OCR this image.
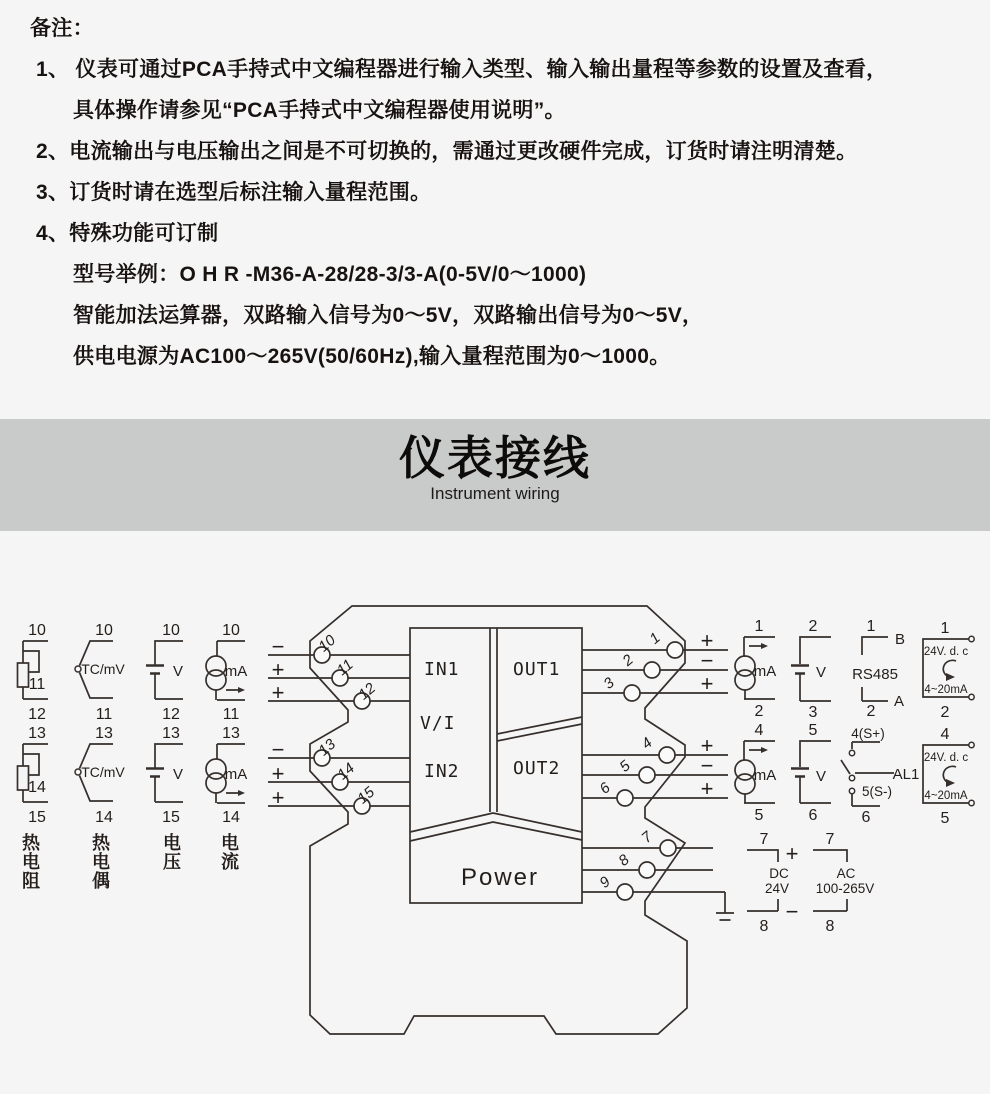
备注：
1、 仪表可通过PCA手持式中文编程器进行输入类型、输入输出量程等参数的设置及查看，
具体操作请参见“PCA手持式中文编程器使用说明”。
2、电流输出与电压输出之间是不可切换的，需通过更改硬件完成，订货时请注明清楚。
3、订货时请在选型后标注输入量程范围。
4、特殊功能可订制
型号举例：O H R -M36-A-28/28-3/3-A(0-5V/0～1000)
智能加法运算器，双路输入信号为0～5V，双路输出信号为0～5V，
供电电源为AC100～265V(50/60Hz),输入量程范围为0～1000。
仪表接线
Instrument wiring
10
11
12
13
14
15
热
电
阻
TC/mV
10
11
TC/mV
13
14
热
电
偶
V
10
12
V
13
15
电
压
mA
10
11
mA
13
14
电
流
−
+
+
−
+
+
+
−
+
+
−
+
IN1
V/I
IN2
OUT1
OUT2
Power
10
11
12
13
14
15
1
2
3
4
5
6
7
8
9
mA
1
2
V
2
3
RS485
B
A
1
2
24V. d. c
4~20mA
1
2
mA
4
5
V
5
6
4(S+)
5(S-)
AL1
6
24V. d. c
4~20mA
4
5
7
8
+
−
DC
24V
7
8
AC
100-265V
